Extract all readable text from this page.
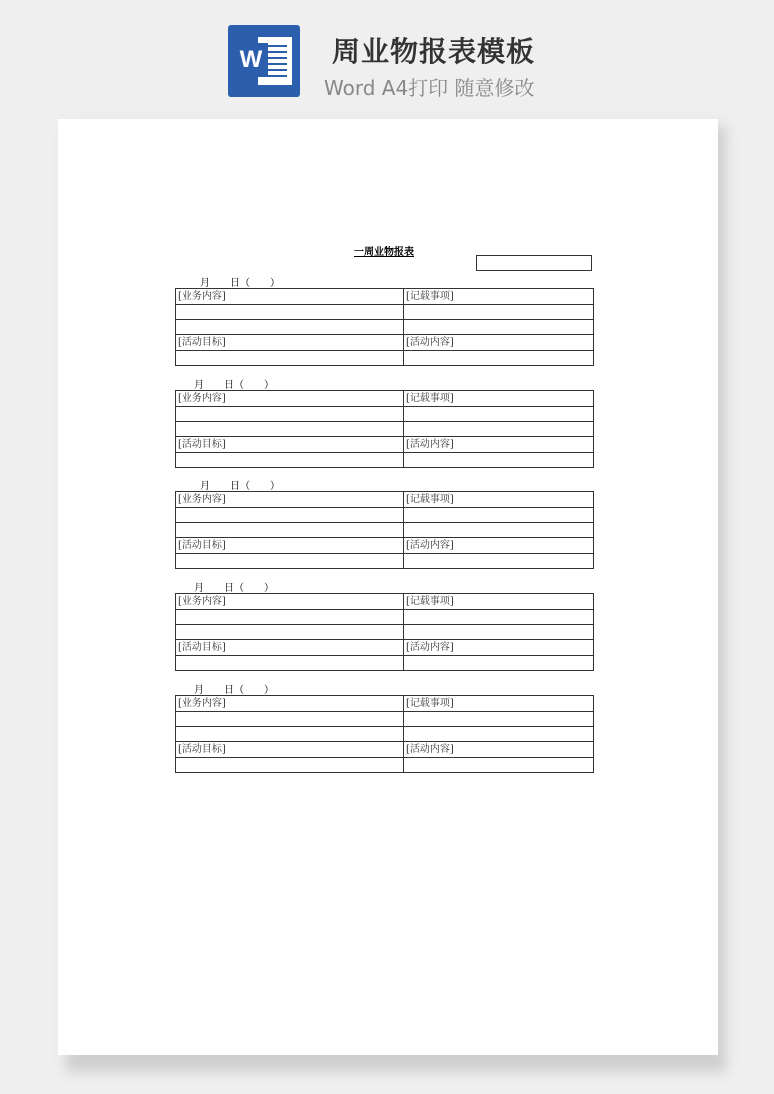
W 周业物报表模板
Word A4打印 随意修改
一周业物报表
月　　日（　　）
[业务内容]	[记载事项]

[活动目标]	[活动内容]

月　　日（　　）
[业务内容]	[记载事项]

[活动目标]	[活动内容]

月　　日（　　）
[业务内容]	[记载事项]

[活动目标]	[活动内容]

月　　日（　　）
[业务内容]	[记载事项]

[活动目标]	[活动内容]

月　　日（　　）
[业务内容]	[记载事项]

[活动目标]	[活动内容]
